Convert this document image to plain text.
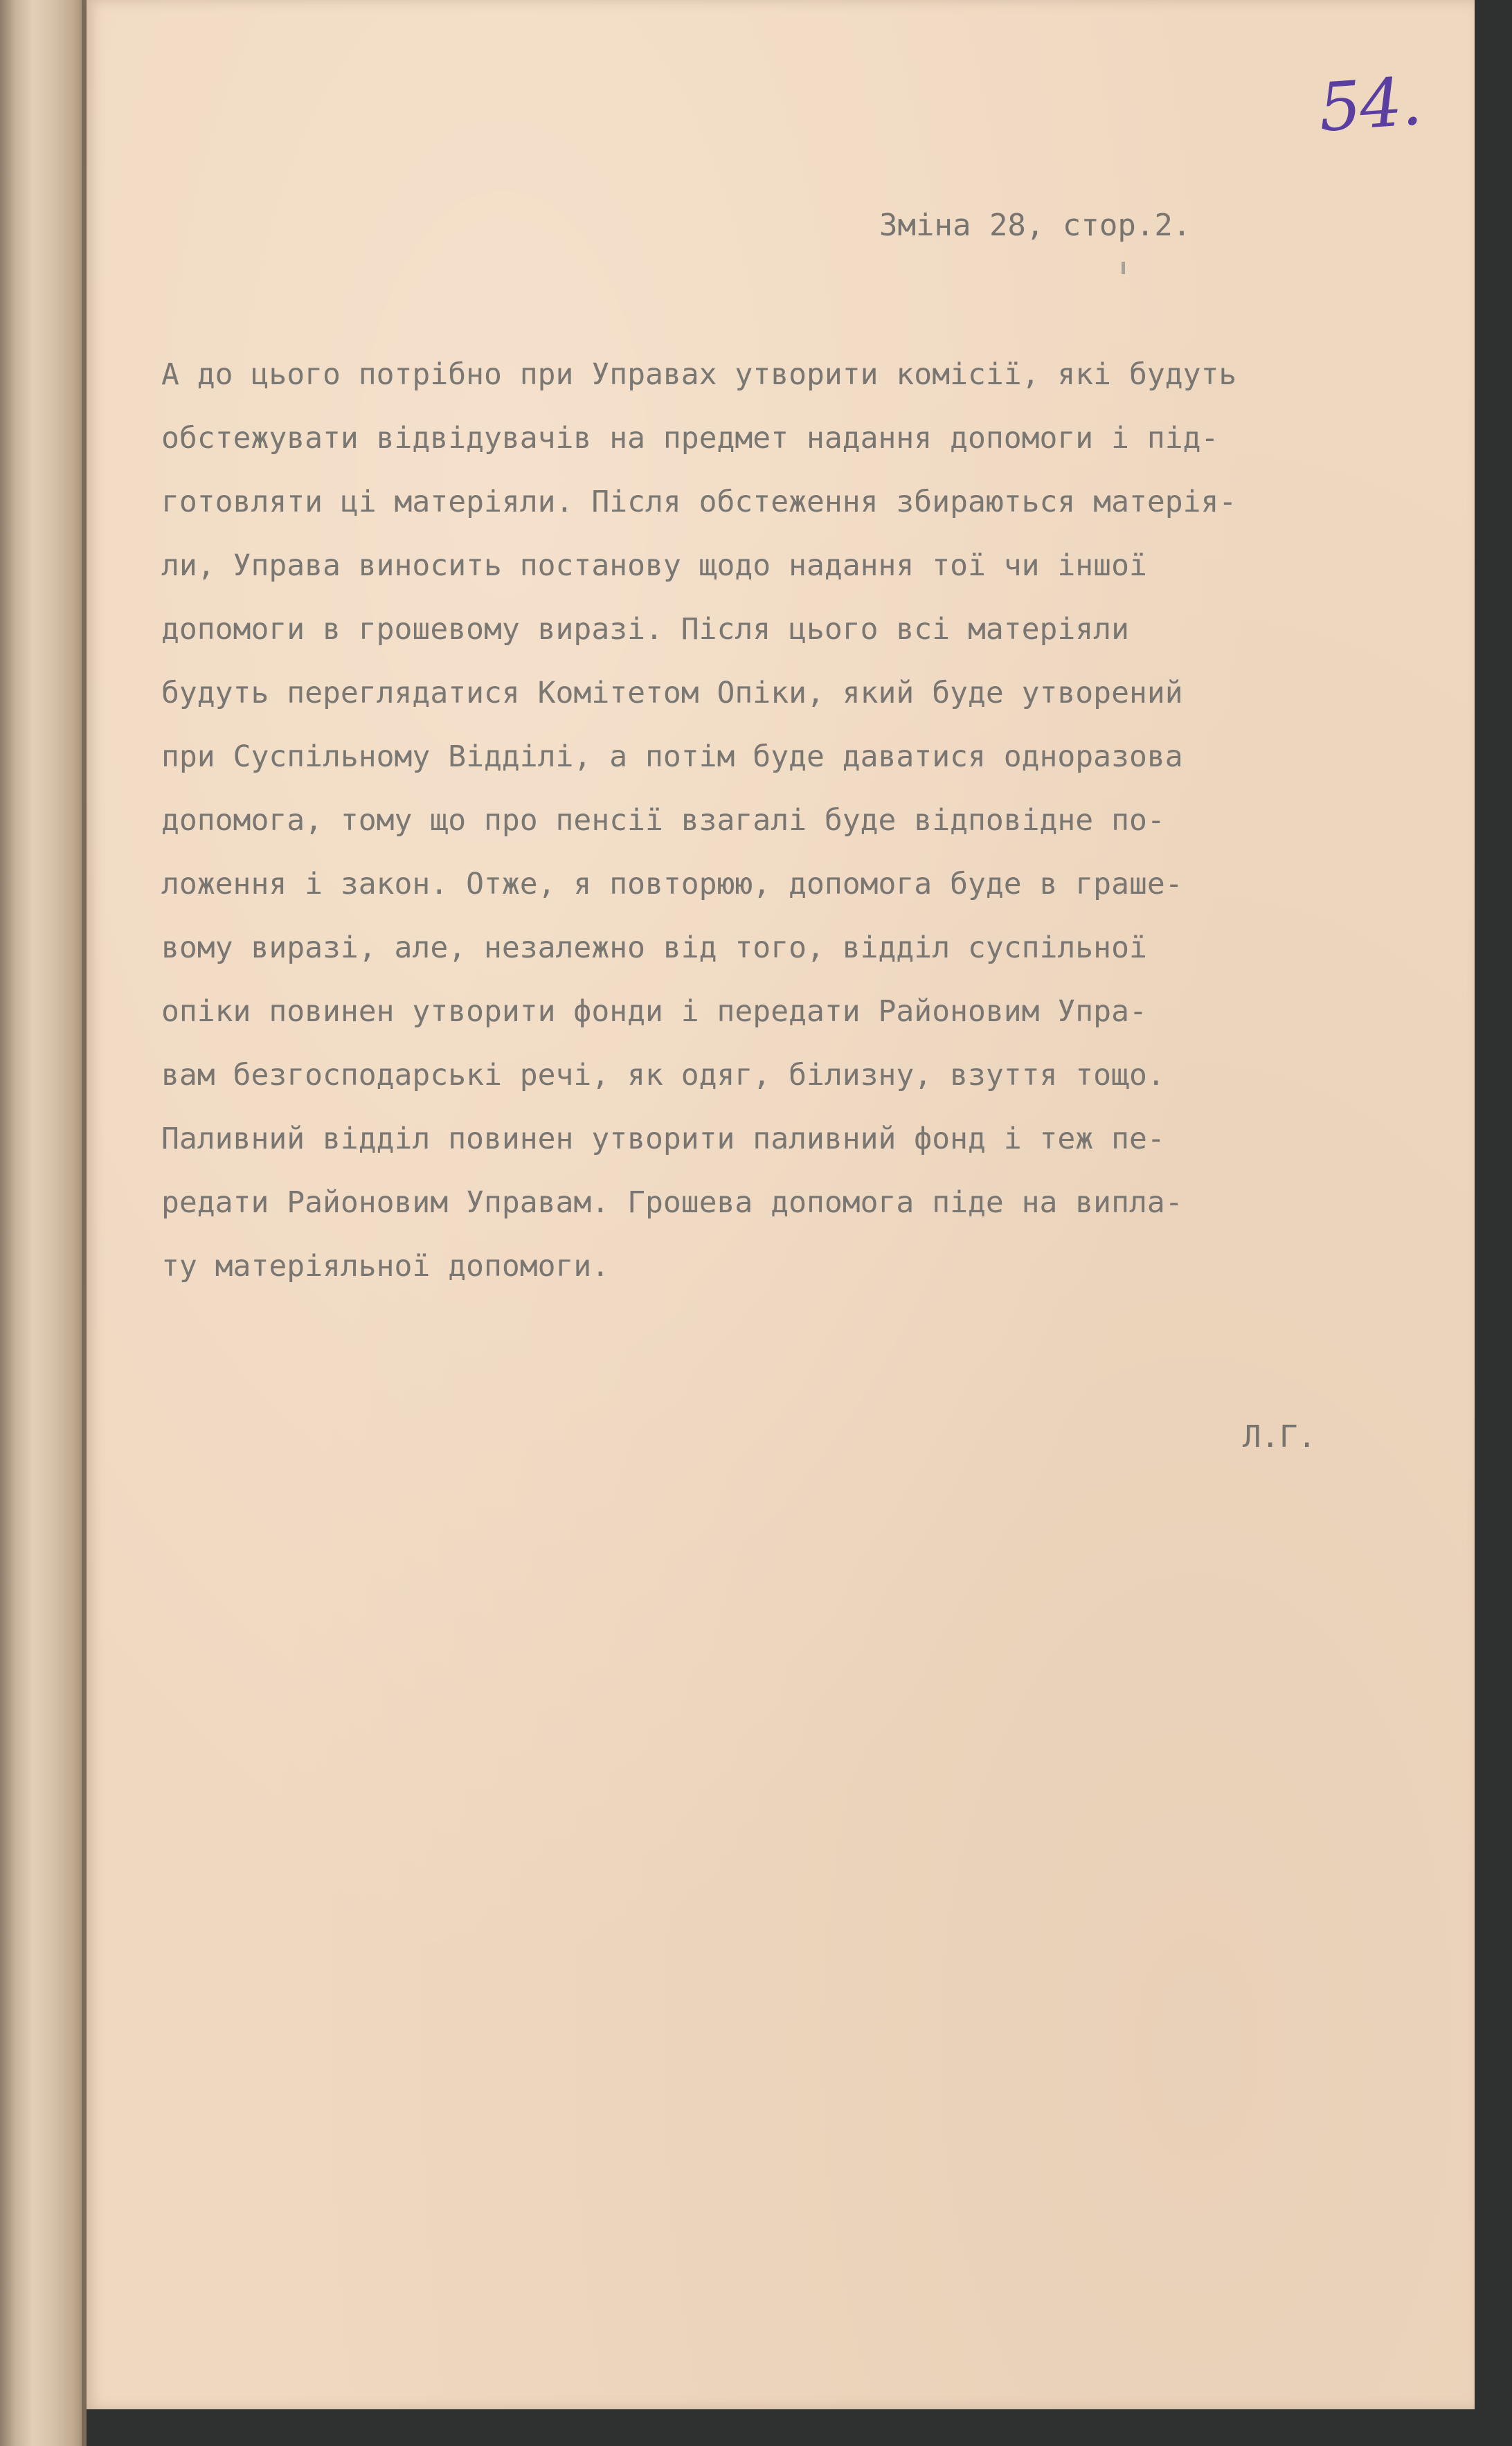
54.
Змiна 28, стор.2.
А до цього потрiбно при Управах утворити комiсiї, якi будуть
обстежувати вiдвiдувачiв на предмет надання допомоги i пiд-
готовляти цi матерiяли. Пiсля обстеження збираються матерiя-
ли, Управа виносить постанову щодо надання тої чи iншої
допомоги в грошевому виразi. Пiсля цього всi матерiяли
будуть переглядатися Комiтетом Опiки, який буде утворений
при Суспiльному Вiддiлi, а потiм буде даватися одноразова
допомога, тому що про пенсiї взагалi буде вiдповiдне по-
ложення i закон. Отже, я повторюю, допомога буде в граше-
вому виразi, але, незалежно вiд того, вiддiл суспiльної
опiки повинен утворити фонди i передати Районовим Упра-
вам безгосподарськi речi, як одяг, бiлизну, взуття тощо.
Паливний вiддiл повинен утворити паливний фонд i теж пе-
редати Районовим Управам. Грошева допомога пiде на випла-
ту матерiяльної допомоги.
Л.Г.
